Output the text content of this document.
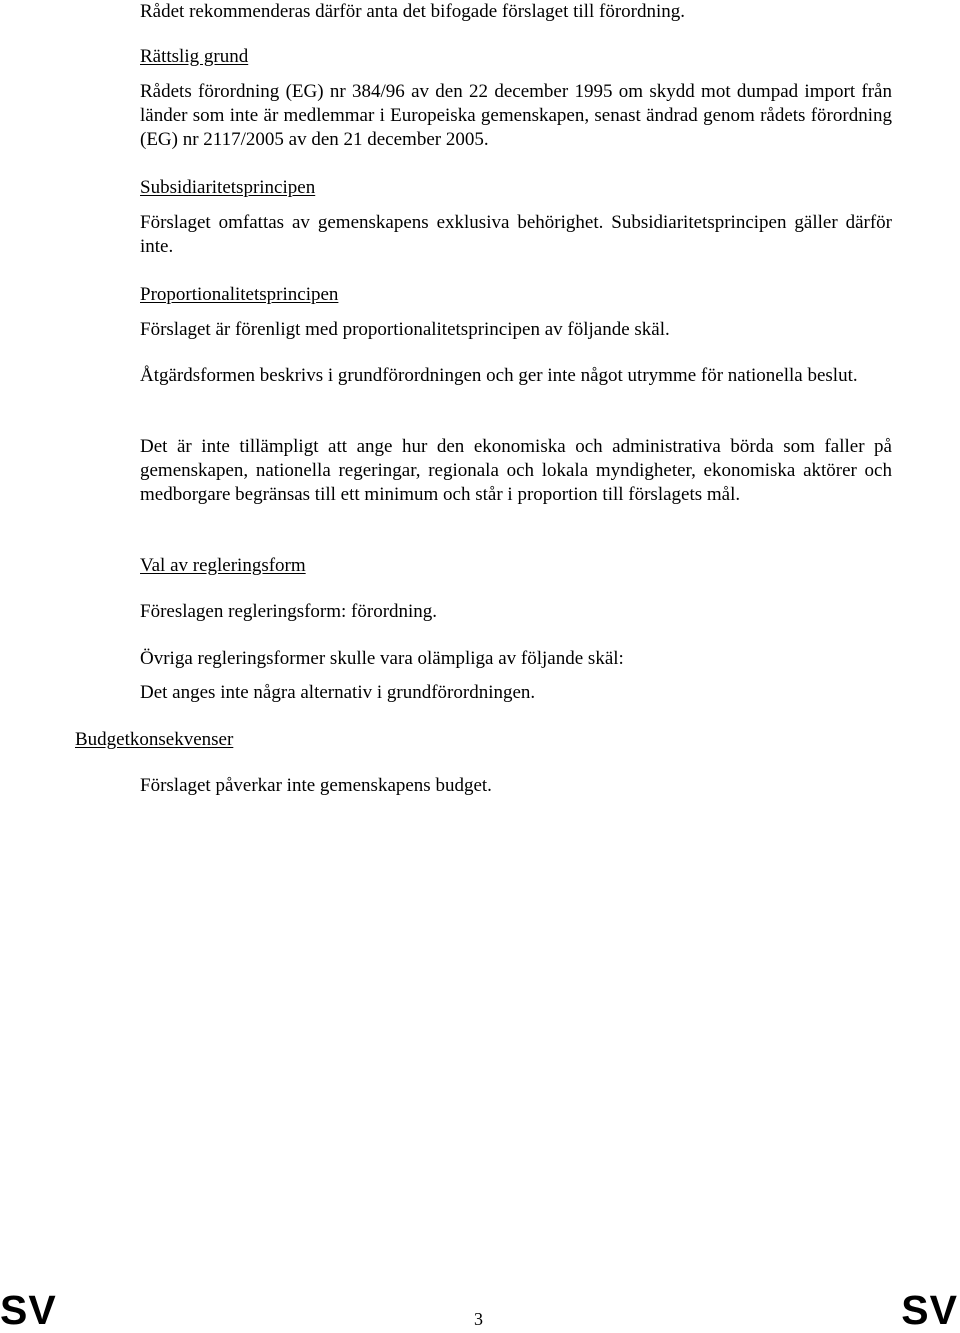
Rådet rekommenderas därför anta det bifogade förslaget till förordning.

Rättslig grund

Rådets förordning (EG) nr 384/96 av den 22 december 1995 om skydd mot dumpad import från länder som inte är medlemmar i Europeiska gemenskapen, senast ändrad genom rådets förordning (EG) nr 2117/2005 av den 21 december 2005.

Subsidiaritetsprincipen

Förslaget omfattas av gemenskapens exklusiva behörighet. Subsidiaritetsprincipen gäller därför inte.

Proportionalitetsprincipen

Förslaget är förenligt med proportionalitetsprincipen av följande skäl.

Åtgärdsformen beskrivs i grundförordningen och ger inte något utrymme för nationella beslut.

Det är inte tillämpligt att ange hur den ekonomiska och administrativa börda som faller på gemenskapen, nationella regeringar, regionala och lokala myndigheter, ekonomiska aktörer och medborgare begränsas till ett minimum och står i proportion till förslagets mål.

Val av regleringsform

Föreslagen regleringsform: förordning.

Övriga regleringsformer skulle vara olämpliga av följande skäl:

Det anges inte några alternativ i grundförordningen.

Budgetkonsekvenser

Förslaget påverkar inte gemenskapens budget.

SV	3	SV
